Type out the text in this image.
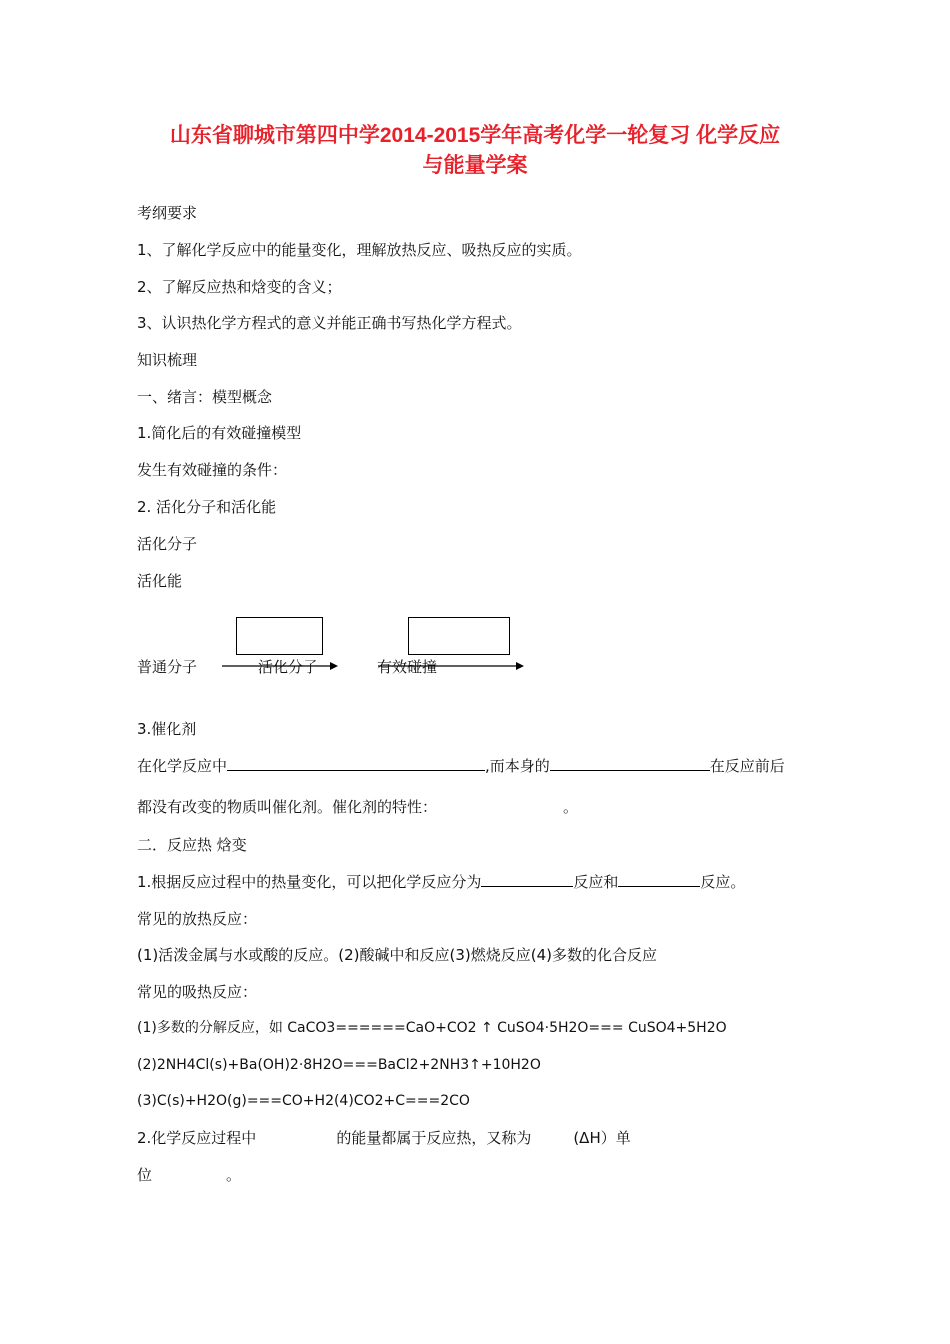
山东省聊城市第四中学2014-2015学年高考化学一轮复习 化学反应
与能量学案
考纲要求
1、了解化学反应中的能量变化，理解放热反应、吸热反应的实质。
2、了解反应热和焓变的含义；
3、认识热化学方程式的意义并能正确书写热化学方程式。
知识梳理
一、绪言：模型概念
1.简化后的有效碰撞模型
发生有效碰撞的条件：
2. 活化分子和活化能
活化分子
活化能
普通分子	活化分子	有效碰撞
3.催化剂
在化学反应中	,而本身的	在反应前后
都没有改变的物质叫催化剂。催化剂的特性：	。
二．反应热 焓变
1.根据反应过程中的热量变化，可以把化学反应分为	反应和	反应。
常见的放热反应：
(1)活泼金属与水或酸的反应。(2)酸碱中和反应(3)燃烧反应(4)多数的化合反应
常见的吸热反应：
(1)多数的分解反应，如 CaCO3======CaO+CO2 ↑ CuSO4·5H2O=== CuSO4+5H2O
(2)2NH4Cl(s)+Ba(OH)2·8H2O===BaCl2+2NH3↑+10H2O
(3)C(s)+H2O(g)===CO+H2(4)CO2+C===2CO
2.化学反应过程中	的能量都属于反应热，又称为	(ΔH）单
位	。
